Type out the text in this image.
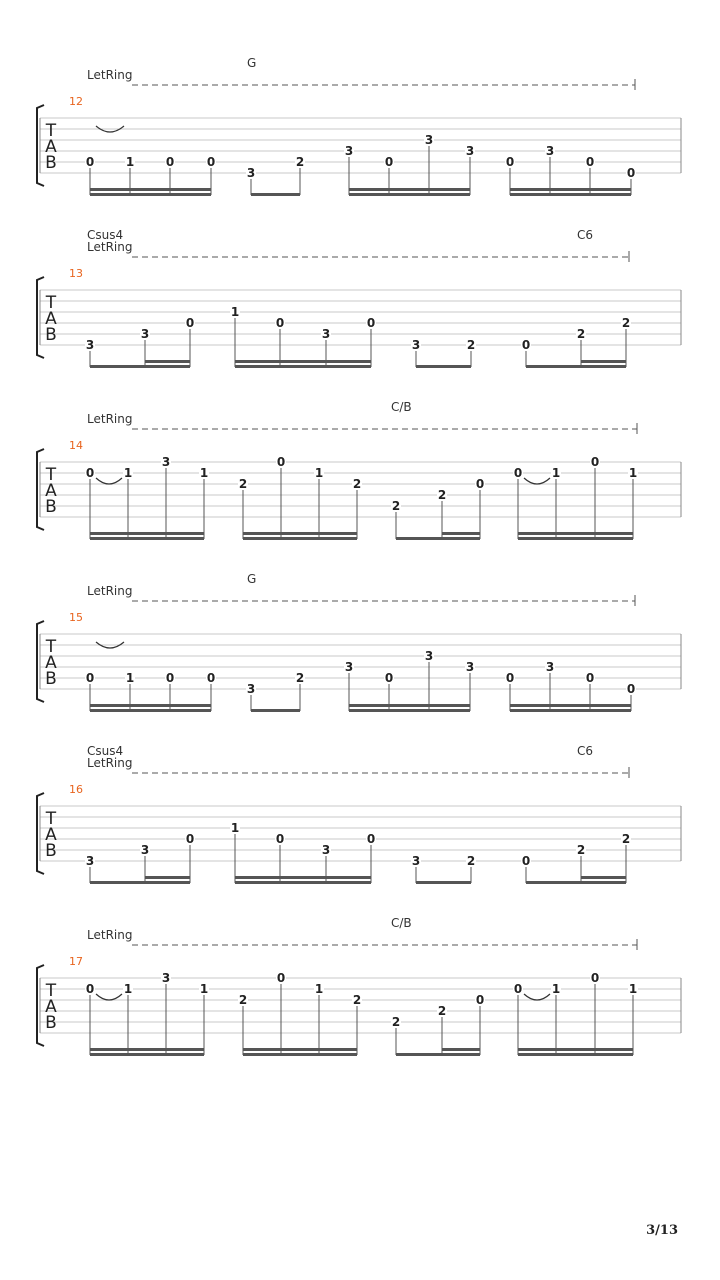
G
LetRing
12
T
A
B 0	1	0	0
3
2
3
0
3
3
0
3
0
0
Csus4	C6
LetRing
13
T
A
B 3
3
0
1
0
3
0
3	2	0
2
2
C/B
LetRing
14
T
A
B
0 1
3
1
2
0
1
2
2
2
0
0 1
0
1
G
LetRing
15
T
A
B 0	1	0	0
3
2
3
0
3
3
0
3
0
0
Csus4	C6
LetRing
16
T
A
B 3
3
0
1
0
3
0
3	2	0
2
2
C/B
LetRing
17
T
A
B
0 1
3
1
2
0
1
2
2
2
0
0 1
0
1
3/13
